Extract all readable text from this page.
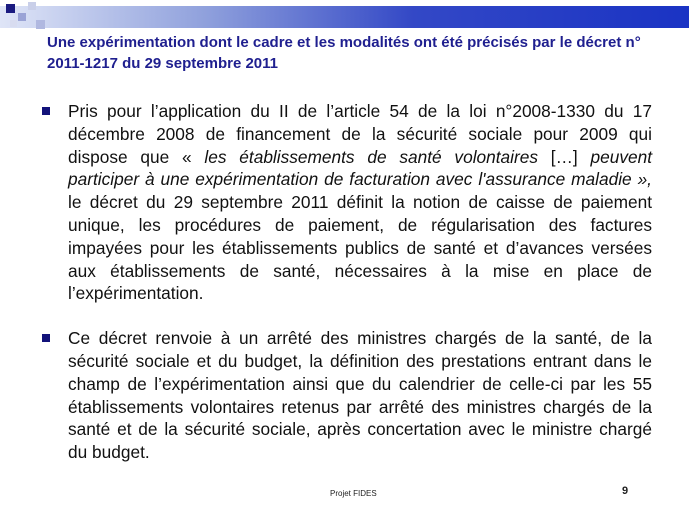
Une expérimentation dont le cadre et les modalités ont été précisés par le décret n° 2011-1217 du 29 septembre 2011
Pris pour l’application du II de l’article 54 de la loi n°2008-1330 du 17 décembre 2008 de financement de la sécurité sociale pour 2009 qui dispose que « les établissements de santé volontaires […] peuvent participer à une expérimentation de facturation avec l'assurance maladie », le décret du 29 septembre 2011 définit la notion de caisse de paiement unique, les procédures de paiement, de régularisation des factures impayées pour les établissements publics de santé et d’avances versées aux établissements de santé, nécessaires à la mise en place de l’expérimentation.
Ce décret renvoie à un arrêté des ministres chargés de la santé, de la sécurité sociale et du budget, la définition des prestations entrant dans le champ de l’expérimentation ainsi que du calendrier de celle-ci par les 55 établissements volontaires retenus par arrêté des ministres chargés de la santé et de la sécurité sociale, après concertation avec le ministre chargé du budget.
Projet FIDES	9
